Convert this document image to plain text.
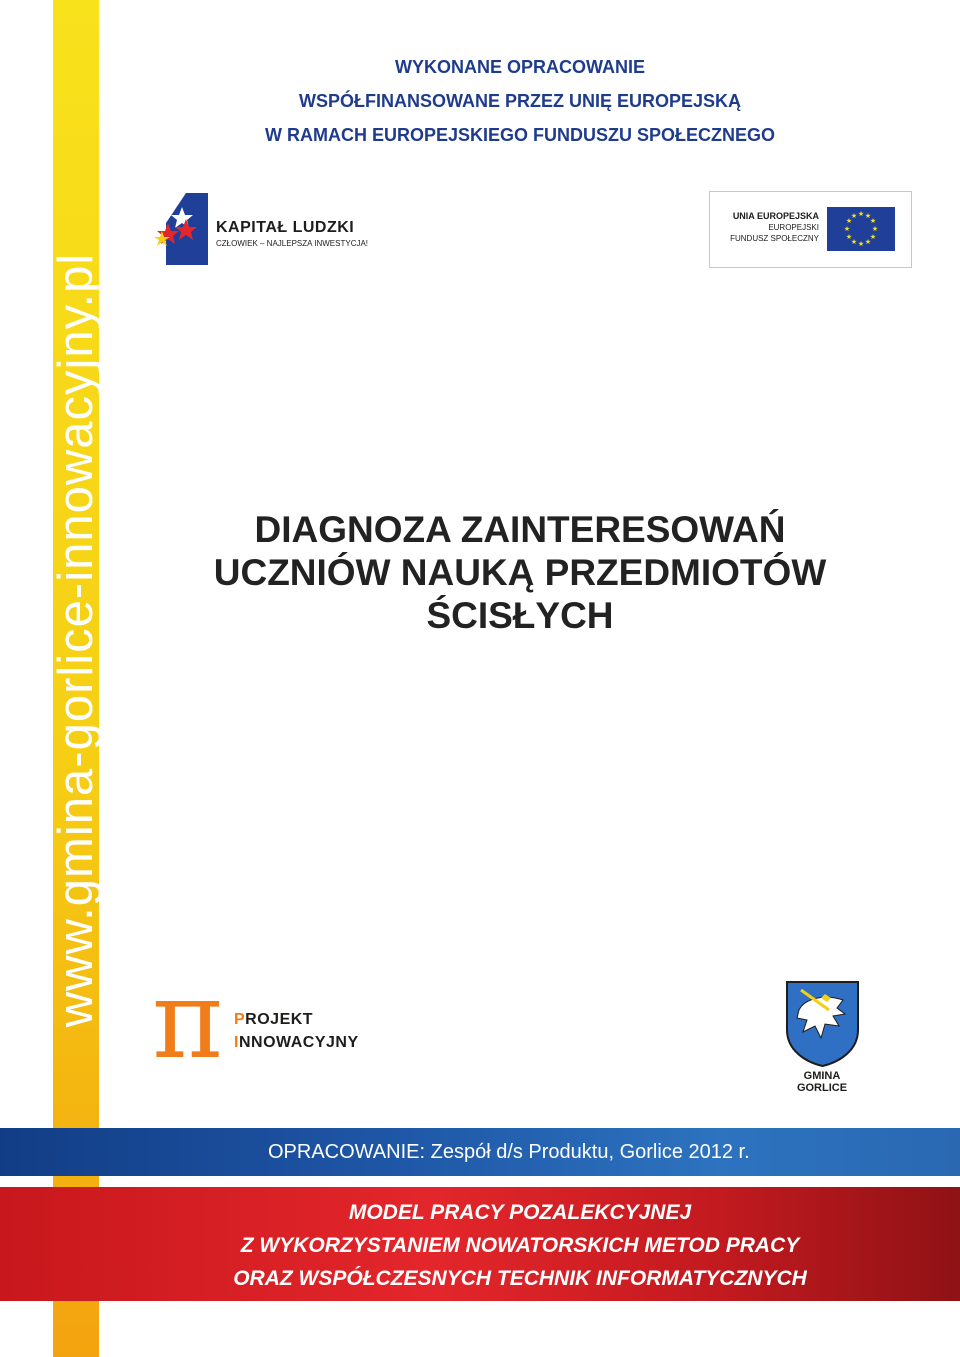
www.gmina-gorlice-innowacyjny.pl
WYKONANE OPRACOWANIE
WSPÓŁFINANSOWANE PRZEZ UNIĘ EUROPEJSKĄ
W RAMACH EUROPEJSKIEGO FUNDUSZU SPOŁECZNEGO
KAPITAŁ LUDZKI
CZŁOWIEK – NAJLEPSZA INWESTYCJA!
UNIA EUROPEJSKA
EUROPEJSKI
FUNDUSZ SPOŁECZNY
★ ★
★
★
★
★
★
★
★
★
★
★
DIAGNOZA ZAINTERESOWAŃ
UCZNIÓW NAUKĄ PRZEDMIOTÓW
ŚCISŁYCH
π PROJEKT
INNOWACYJNY
GMINA
GORLICE
OPRACOWANIE: Zespół d/s Produktu, Gorlice 2012 r.
MODEL PRACY POZALEKCYJNEJ
Z WYKORZYSTANIEM NOWATORSKICH METOD PRACY
ORAZ WSPÓŁCZESNYCH TECHNIK INFORMATYCZNYCH
